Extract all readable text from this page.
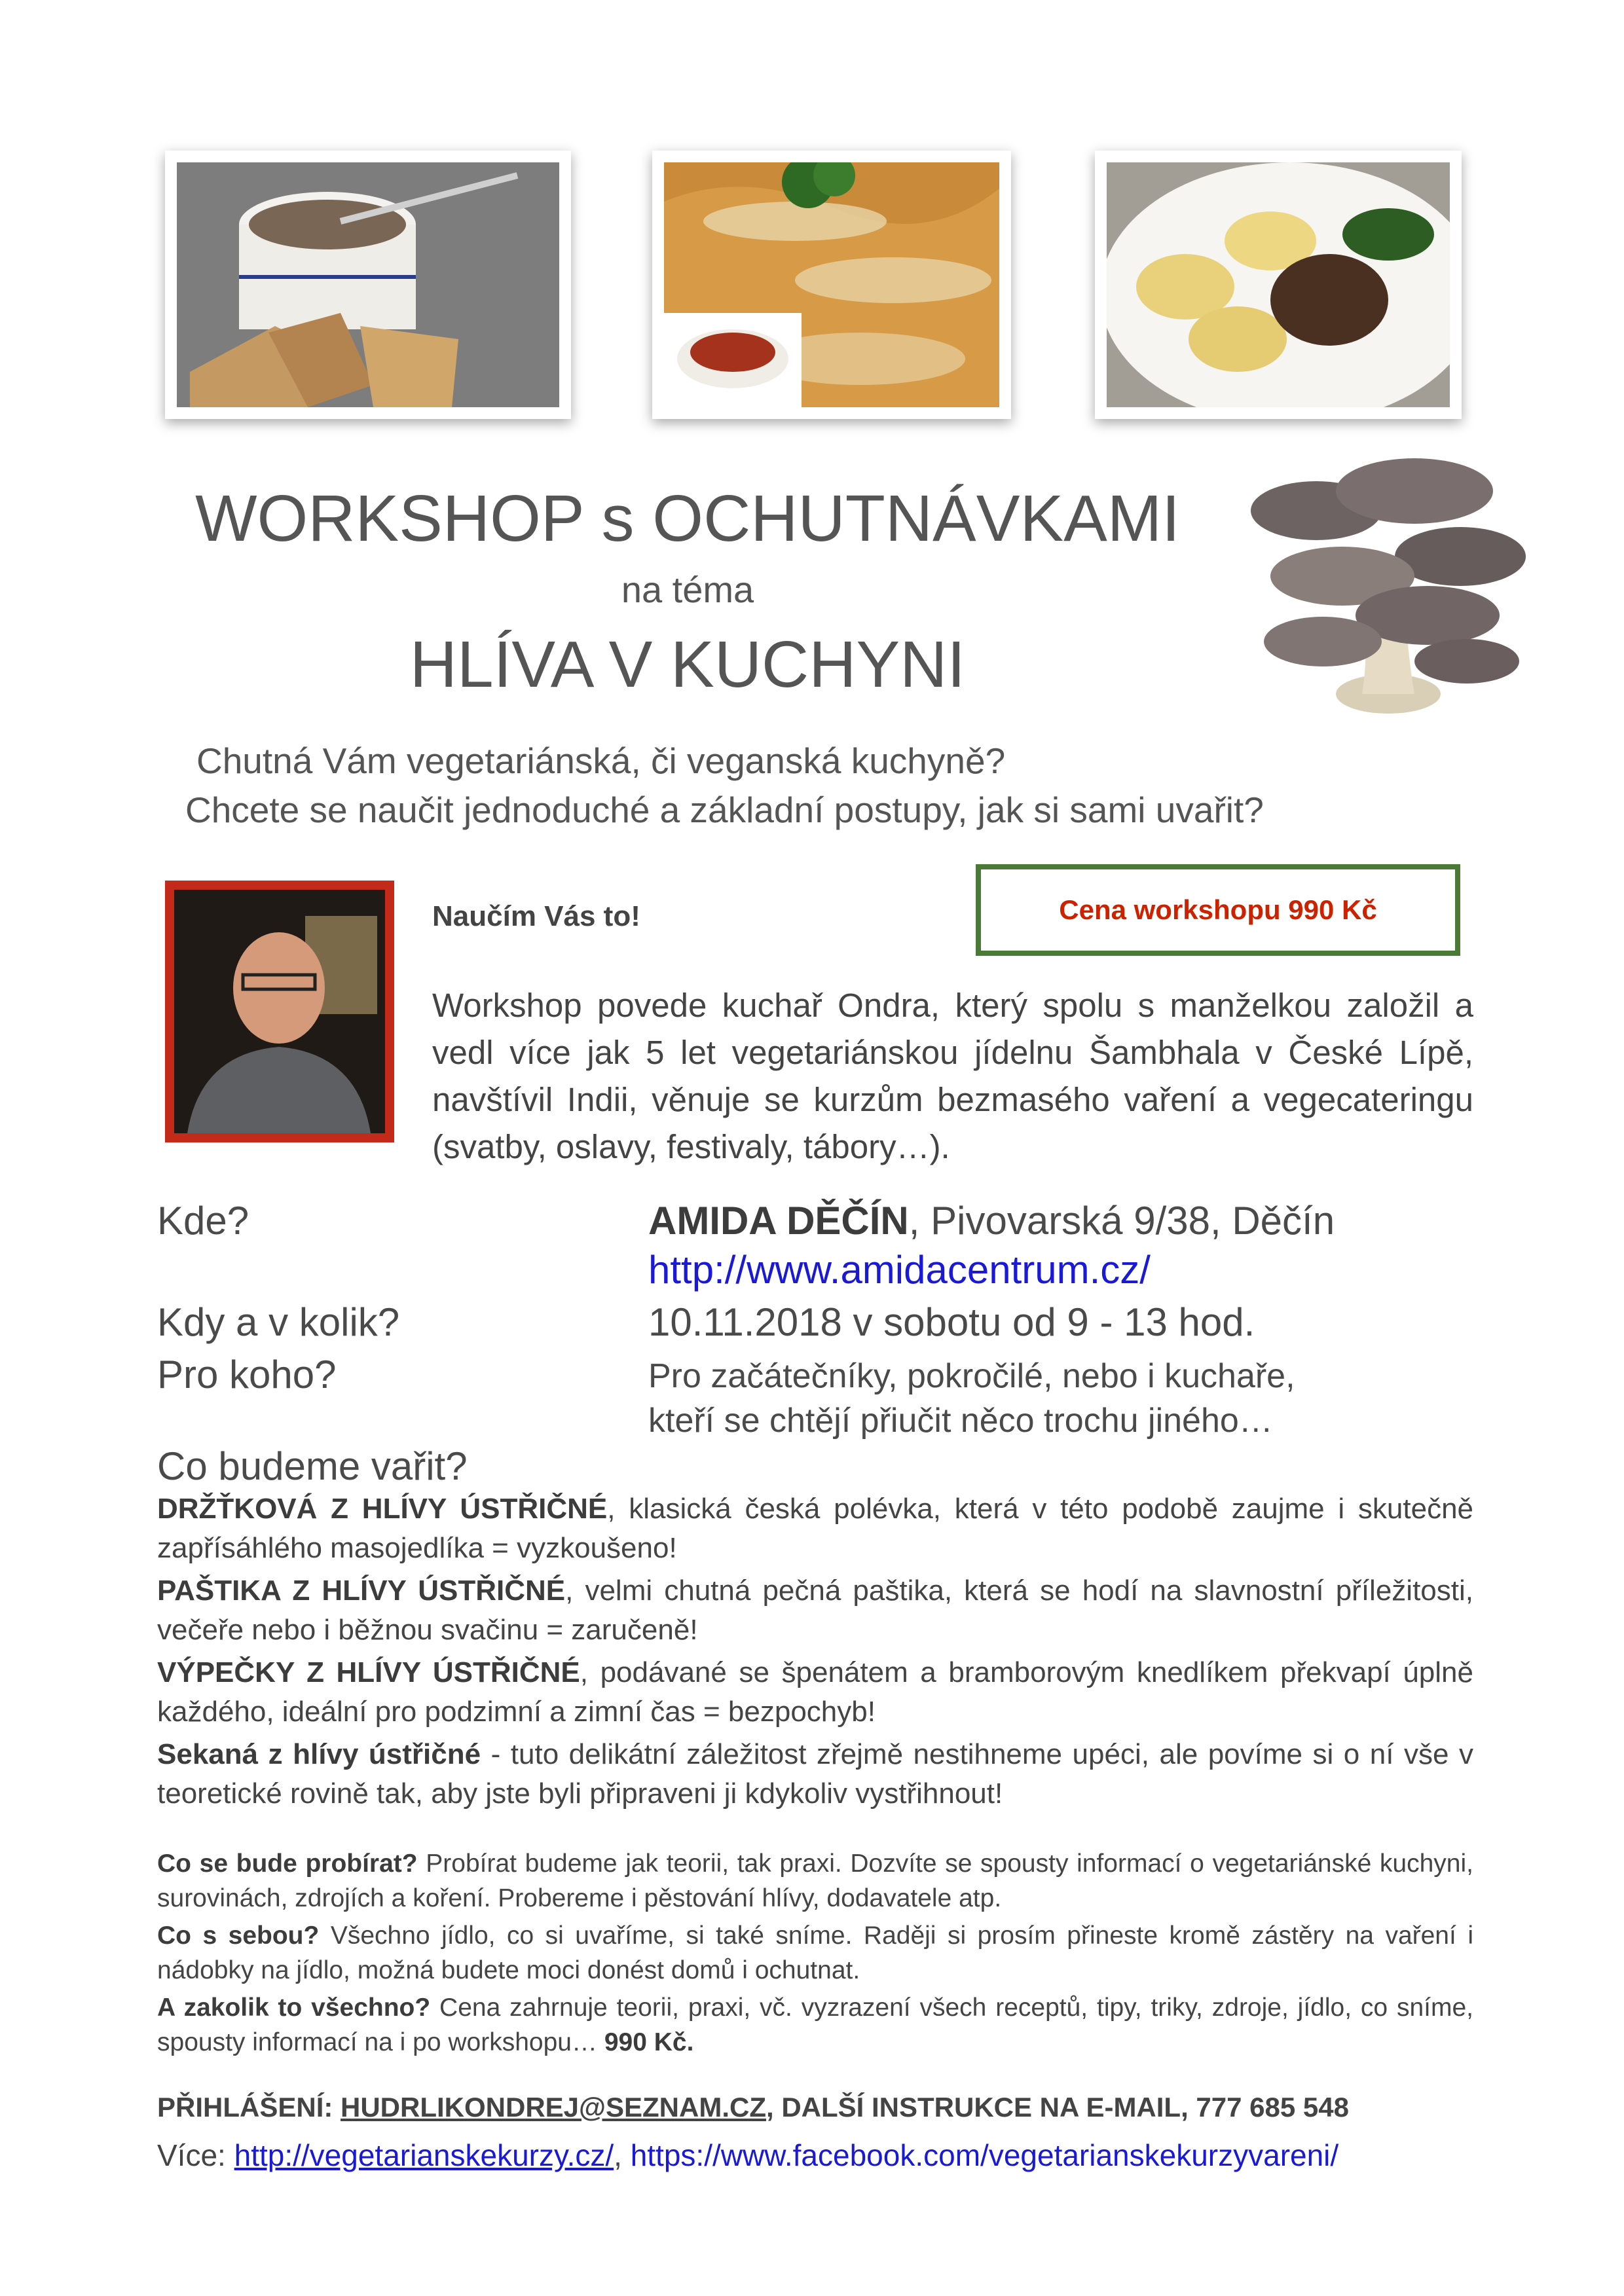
WORKSHOP s OCHUTNÁVKAMI
na téma
HLÍVA V KUCHYNI
Chutná Vám vegetariánská, či veganská kuchyně?
Chcete se naučit jednoduché a základní postupy, jak si sami uvařit?
Cena workshopu 990 Kč
Naučím Vás to!
Workshop povede kuchař Ondra, který spolu s manželkou založil a vedl více jak 5 let vegetariánskou jídelnu Šambhala v České Lípě, navštívil Indii, věnuje se kurzům bezmasého vaření a vegecateringu (svatby, oslavy, festivaly, tábory…).
Kde?	AMIDA DĚČÍN, Pivovarská 9/38, Děčín
http://www.amidacentrum.cz/
Kdy a v kolik?	10.11.2018 v sobotu od 9 - 13 hod.
Pro koho?	Pro začátečníky, pokročilé, nebo i kuchaře,
kteří se chtějí přiučit něco trochu jiného…
Co budeme vařit?
DRŽŤKOVÁ Z HLÍVY ÚSTŘIČNÉ, klasická česká polévka, která v této podobě zaujme i skutečně zapřísáhlého masojedlíka = vyzkoušeno!
PAŠTIKA Z HLÍVY ÚSTŘIČNÉ, velmi chutná pečná paštika, která se hodí na slavnostní příležitosti, večeře nebo i běžnou svačinu = zaručeně!
VÝPEČKY Z HLÍVY ÚSTŘIČNÉ, podávané se špenátem a bramborovým knedlíkem překvapí úplně každého, ideální pro podzimní a zimní čas = bezpochyb!
Sekaná z hlívy ústřičné - tuto delikátní záležitost zřejmě nestihneme upéci, ale povíme si o ní vše v teoretické rovině tak, aby jste byli připraveni ji kdykoliv vystřihnout!
Co se bude probírat? Probírat budeme jak teorii, tak praxi. Dozvíte se spousty informací o vegetariánské kuchyni, surovinách, zdrojích a koření. Probereme i pěstování hlívy, dodavatele atp.
Co s sebou? Všechno jídlo, co si uvaříme, si také sníme. Raději si prosím přineste kromě zástěry na vaření i nádobky na jídlo, možná budete moci donést domů i ochutnat.
A zakolik to všechno? Cena zahrnuje teorii, praxi, vč. vyzrazení všech receptů, tipy, triky, zdroje, jídlo, co sníme, spousty informací na i po workshopu… 990 Kč.
PŘIHLÁŠENÍ: HUDRLIKONDREJ@SEZNAM.CZ, DALŠÍ INSTRUKCE NA E-MAIL, 777 685 548
Více: http://vegetarianskekurzy.cz/, https://www.facebook.com/vegetarianskekurzyvareni/
